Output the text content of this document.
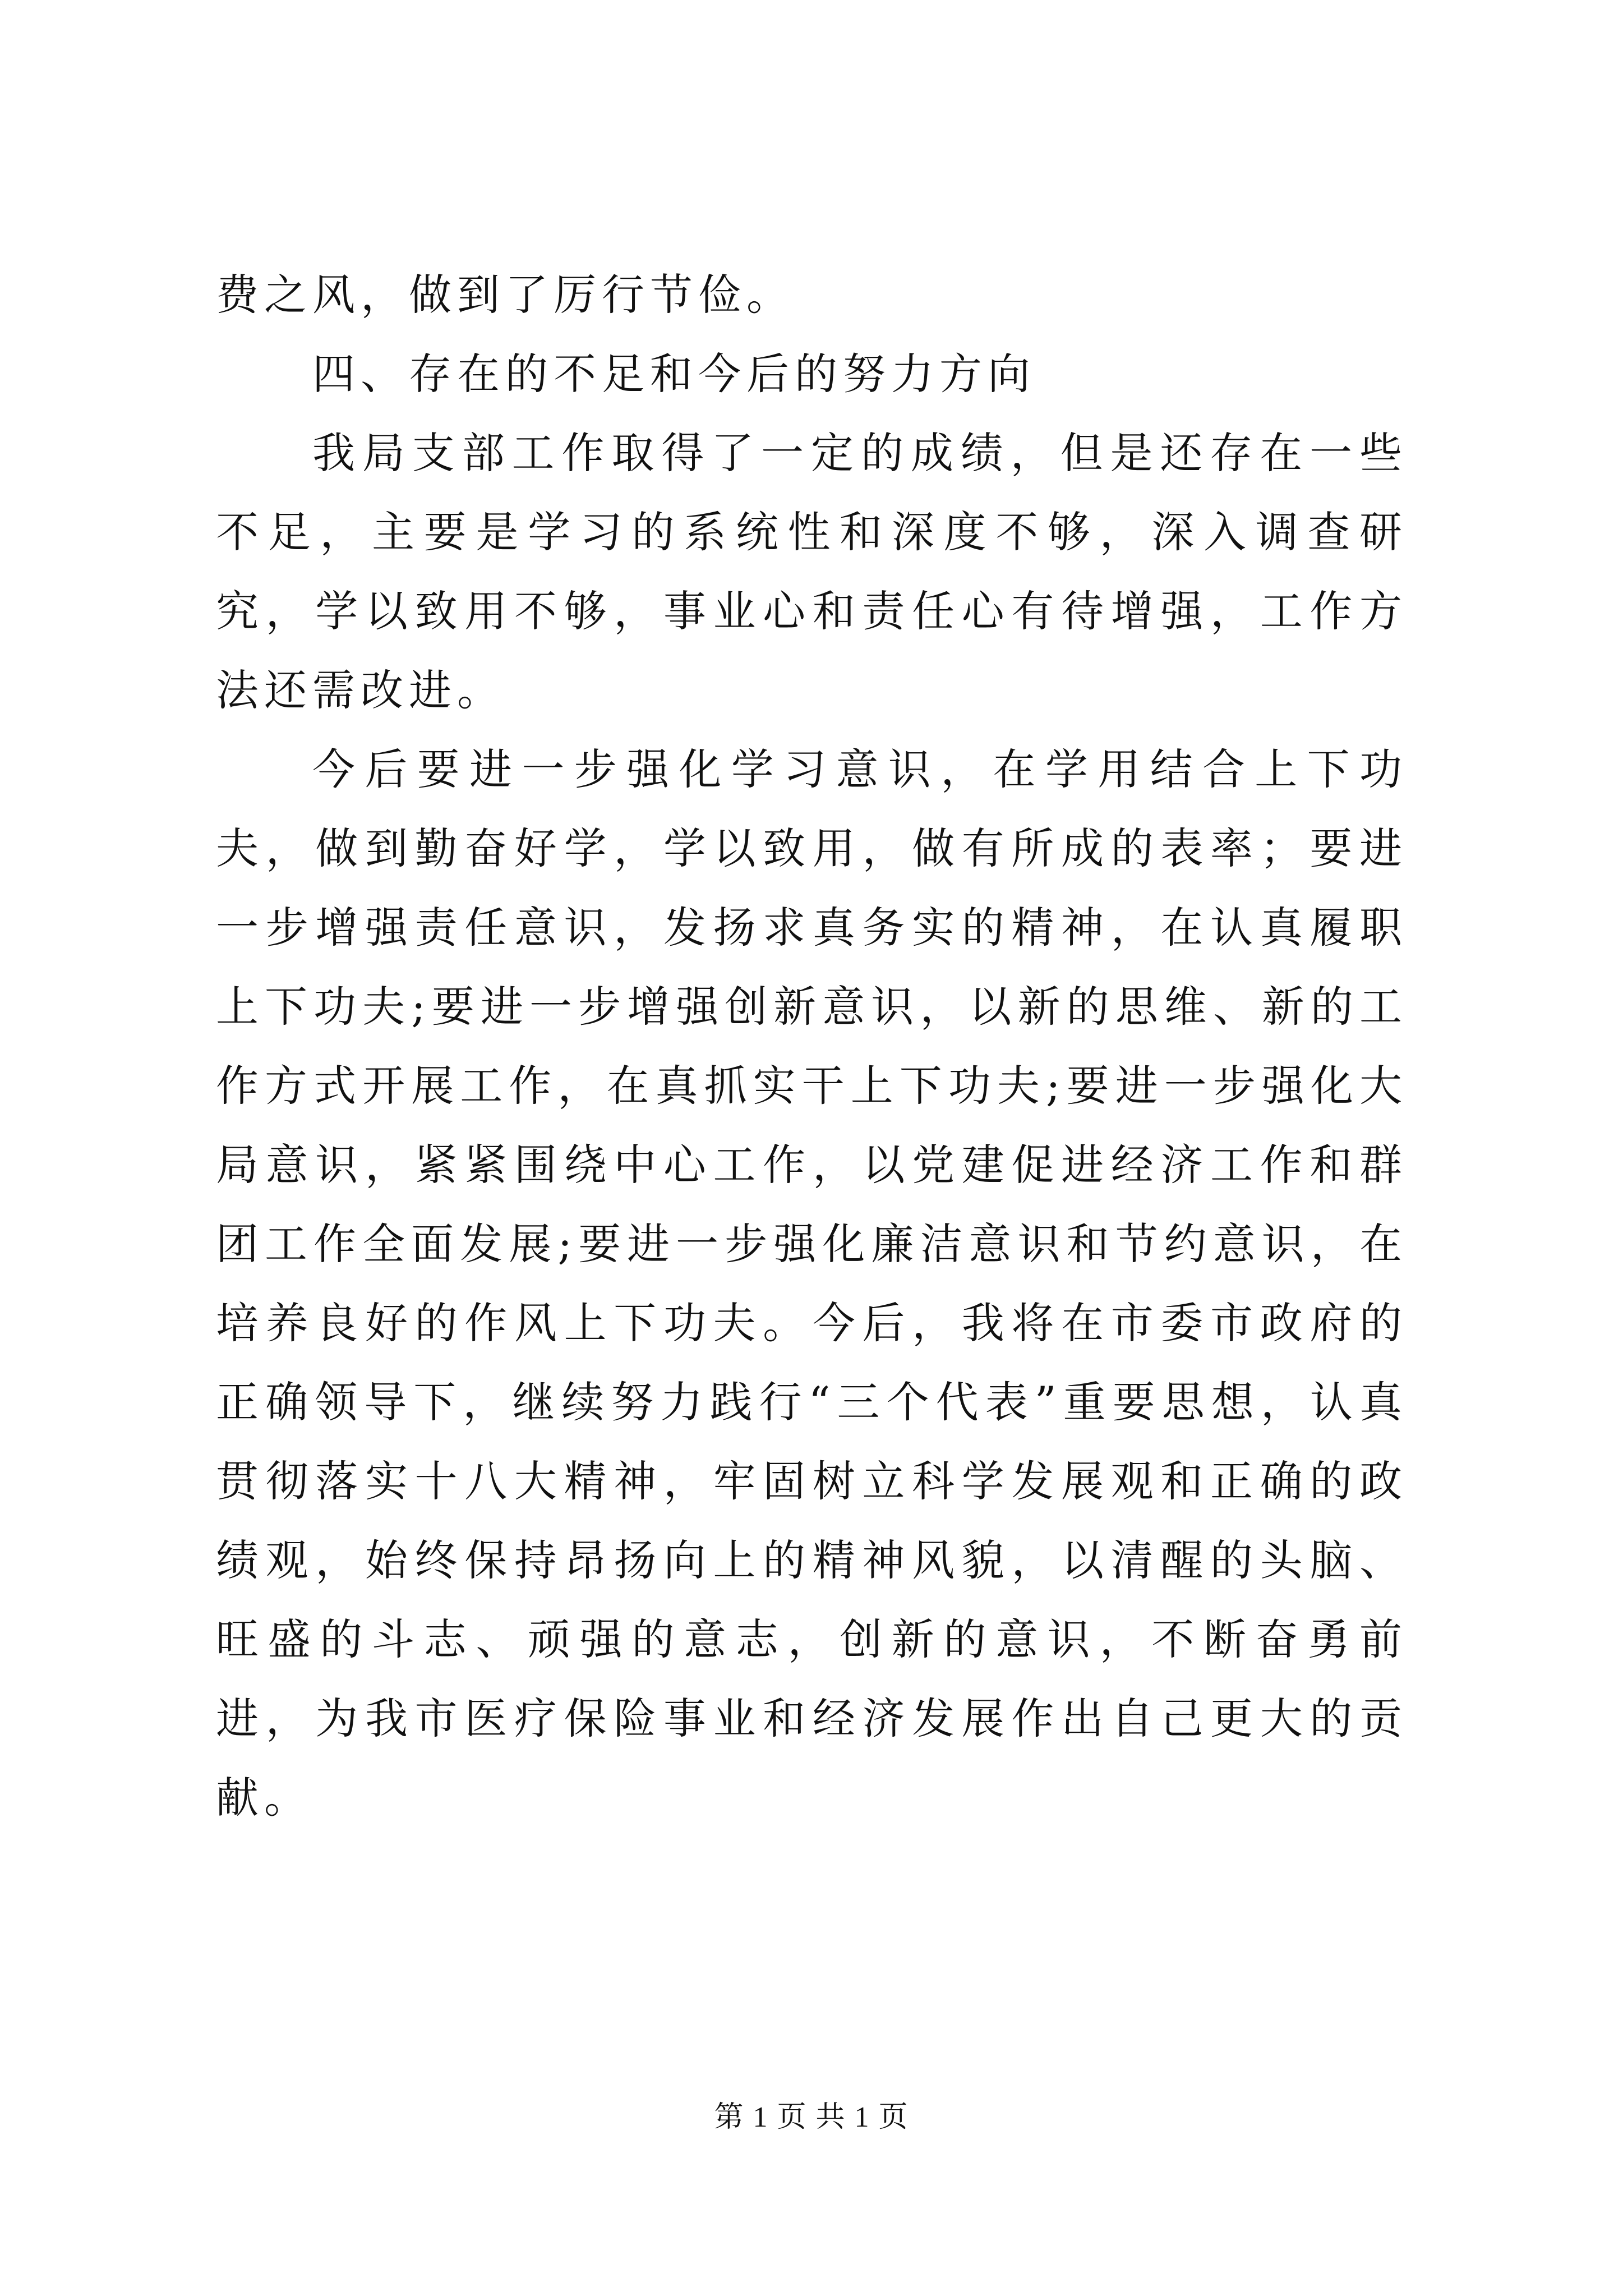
费之风，做到了厉行节俭。

四、存在的不足和今后的努力方向

我局支部工作取得了一定的成绩，但是还存在一些不足，主要是学习的系统性和深度不够，深入调查研究，学以致用不够，事业心和责任心有待增强，工作方法还需改进。

今后要进一步强化学习意识，在学用结合上下功夫，做到勤奋好学，学以致用，做有所成的表率；要进一步增强责任意识，发扬求真务实的精神，在认真履职上下功夫;要进一步增强创新意识，以新的思维、新的工作方式开展工作，在真抓实干上下功夫;要进一步强化大局意识，紧紧围绕中心工作，以党建促进经济工作和群团工作全面发展;要进一步强化廉洁意识和节约意识，在培养良好的作风上下功夫。今后，我将在市委市政府的正确领导下，继续努力践行“三个代表”重要思想，认真贯彻落实十八大精神，牢固树立科学发展观和正确的政绩观，始终保持昂扬向上的精神风貌，以清醒的头脑、旺盛的斗志、顽强的意志，创新的意识，不断奋勇前进，为我市医疗保险事业和经济发展作出自己更大的贡献。

第 1 页 共 1 页
